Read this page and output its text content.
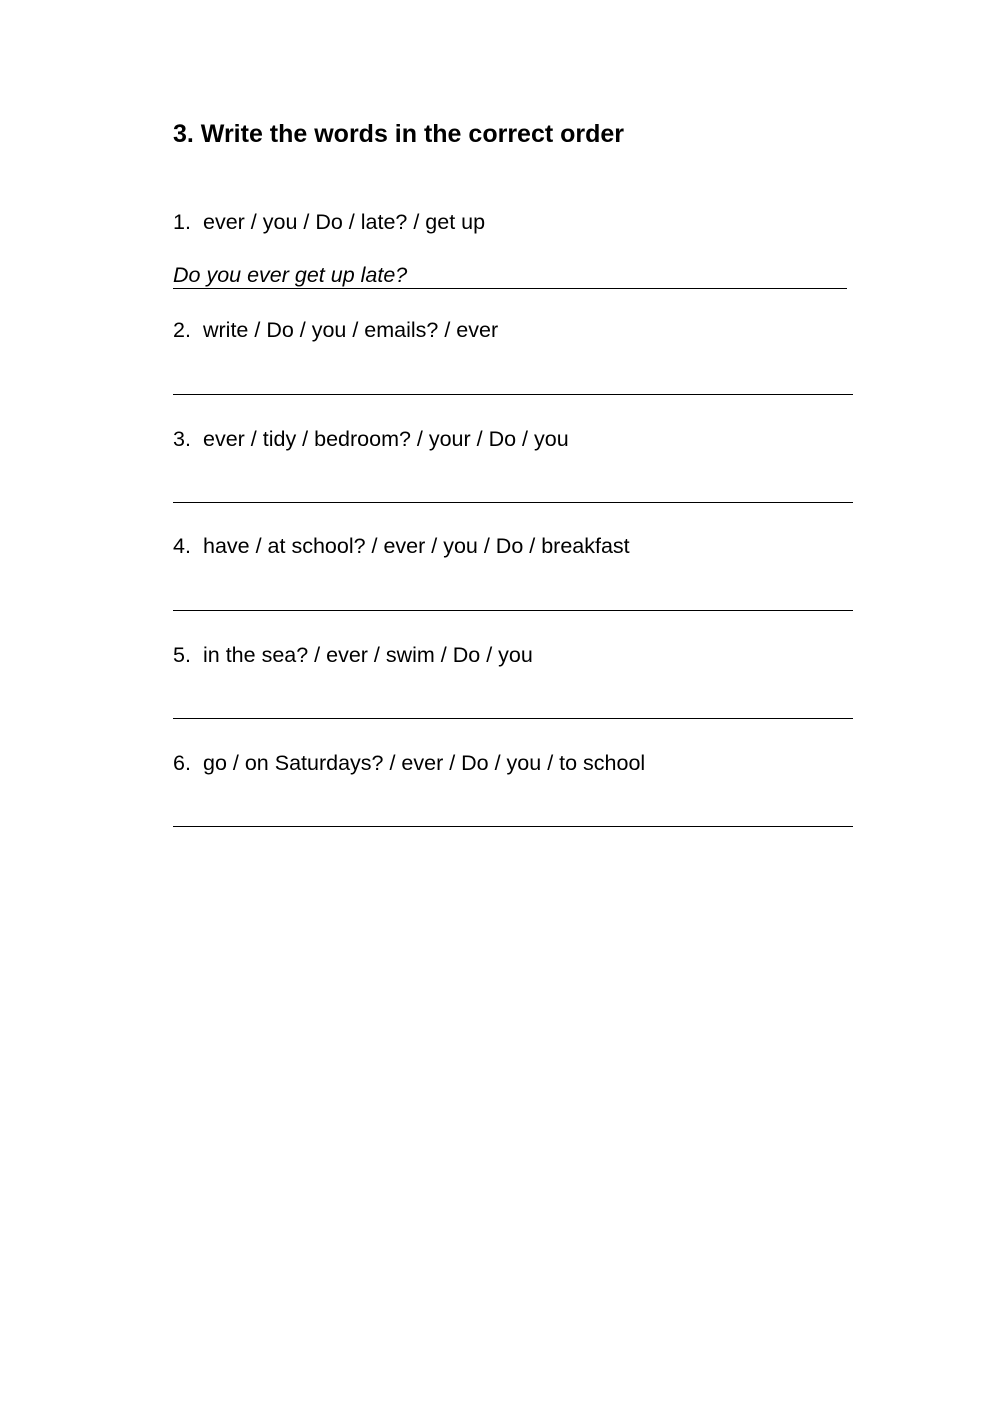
3. Write the words in the correct order
1. ever / you / Do / late? / get up
Do you ever get up late?
2. write / Do / you / emails? / ever
3. ever / tidy / bedroom? / your / Do / you
4. have / at school? / ever / you / Do / breakfast
5. in the sea? / ever / swim / Do / you
6. go / on Saturdays? / ever / Do / you / to school
